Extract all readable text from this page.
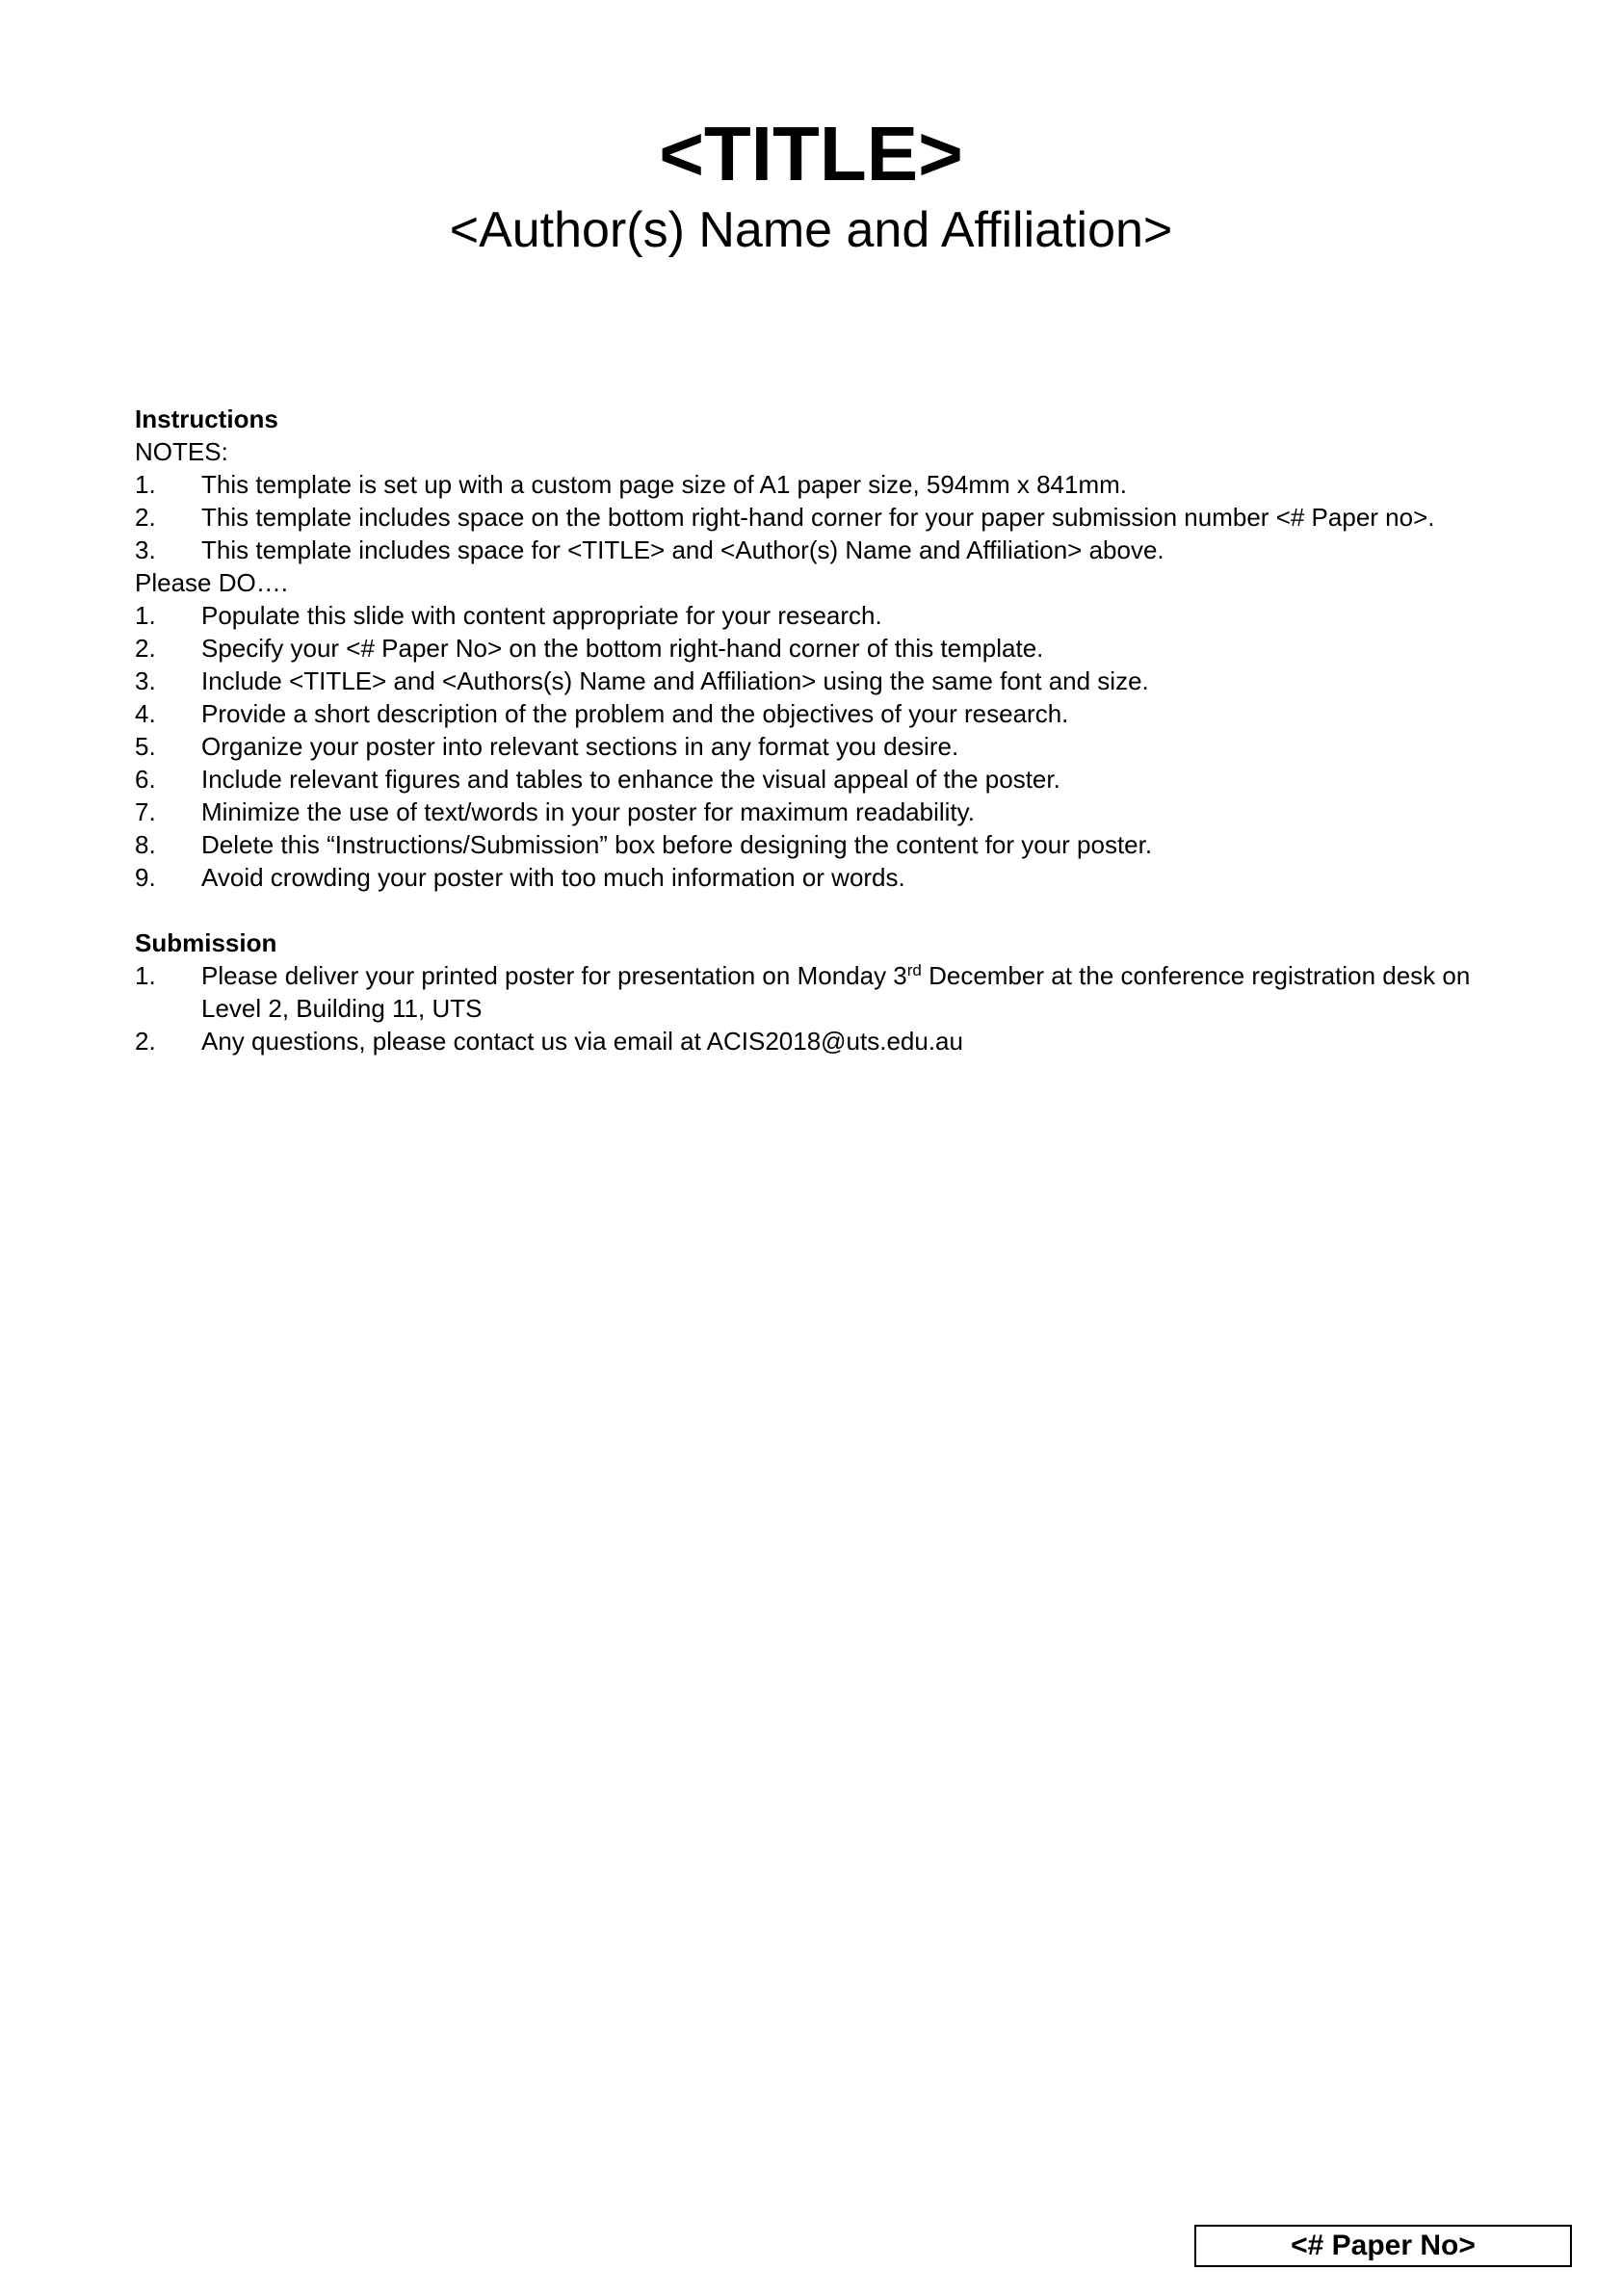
<TITLE>
<Author(s) Name and Affiliation>
Instructions
NOTES:
1.	This template is set up with a custom page size of A1 paper size, 594mm x 841mm.
2.	This template includes space on the bottom right-hand corner for your paper submission number <# Paper no>.
3.	This template includes space for <TITLE> and <Author(s) Name and Affiliation> above.
Please DO….
1.	Populate this slide with content appropriate for your research.
2.	Specify your <# Paper No> on the bottom right-hand corner of this template.
3.	Include <TITLE> and <Authors(s) Name and Affiliation> using the same font and size.
4.	Provide a short description of the problem and the objectives of your research.
5.	Organize your poster into relevant sections in any format you desire.
6.	Include relevant figures and tables to enhance the visual appeal of the poster.
7.	Minimize the use of text/words in your poster for maximum readability.
8.	Delete this “Instructions/Submission” box before designing the content for your poster.
9.	Avoid crowding your poster with too much information or words.
Submission
1.	Please deliver your printed poster for presentation on Monday 3rd December at the conference registration desk on Level 2, Building 11, UTS
2.	Any questions, please contact us via email at ACIS2018@uts.edu.au
<# Paper No>
